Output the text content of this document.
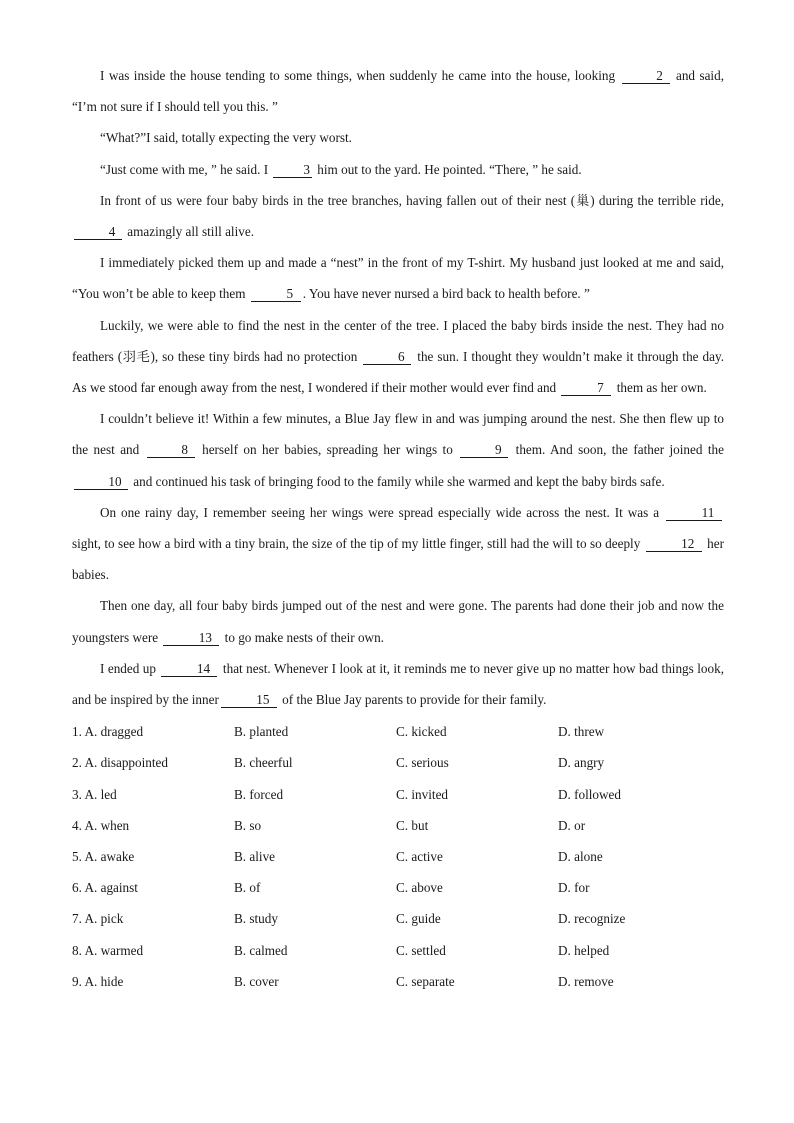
I was inside the house tending to some things, when suddenly he came into the house, looking	2 and said, “I’m not sure if I should tell you this. ”

“What?”I said, totally expecting the very worst.

“Just come with me, ” he said. I 3 him out to the yard. He pointed. “There, ” he said.

In front of us were four baby birds in the tree branches, having fallen out of their nest (巢) during the terrible ride, 4 amazingly all still alive.

I immediately picked them up and made a “nest” in the front of my T-shirt. My husband just looked at me and said, “You won’t be able to keep them	5 . You have never nursed a bird back to health before. ”

Luckily, we were able to find the nest in the center of the tree. I placed the baby birds inside the nest. They had no feathers (羽毛), so these tiny birds had no protection	6 the sun. I thought they wouldn’t make it through the day. As we stood far enough away from the nest, I wondered if their mother would ever find and	7 them as her own.

I couldn’t believe it! Within a few minutes, a Blue Jay flew in and was jumping around the nest. She then flew up to the nest and	8 herself on her babies, spreading her wings to	9 them. And soon, the father joined the 10 and continued his task of bringing food to the family while she warmed and kept the baby birds safe.

On one rainy day, I remember seeing her wings were spread especially wide across the nest. It was a	11 sight, to see how a bird with a tiny brain, the size of the tip of my little finger, still had the will to so deeply	12 her babies.

Then one day, all four baby birds jumped out of the nest and were gone. The parents had done their job and now the youngsters were	13 to go make nests of their own.

I ended up	14 that nest. Whenever I look at it, it reminds me to never give up no matter how bad things look, and be inspired by the inner	15 of the Blue Jay parents to provide for their family.

1. A. dragged	B. planted	C. kicked	D. threw
2. A. disappointed	B. cheerful	C. serious	D. angry
3. A. led	B. forced	C. invited	D. followed
4. A. when	B. so	C. but	D. or
5. A. awake	B. alive	C. active	D. alone
6. A. against	B. of	C. above	D. for
7. A. pick	B. study	C. guide	D. recognize
8. A. warmed	B. calmed	C. settled	D. helped
9. A. hide	B. cover	C. separate	D. remove
